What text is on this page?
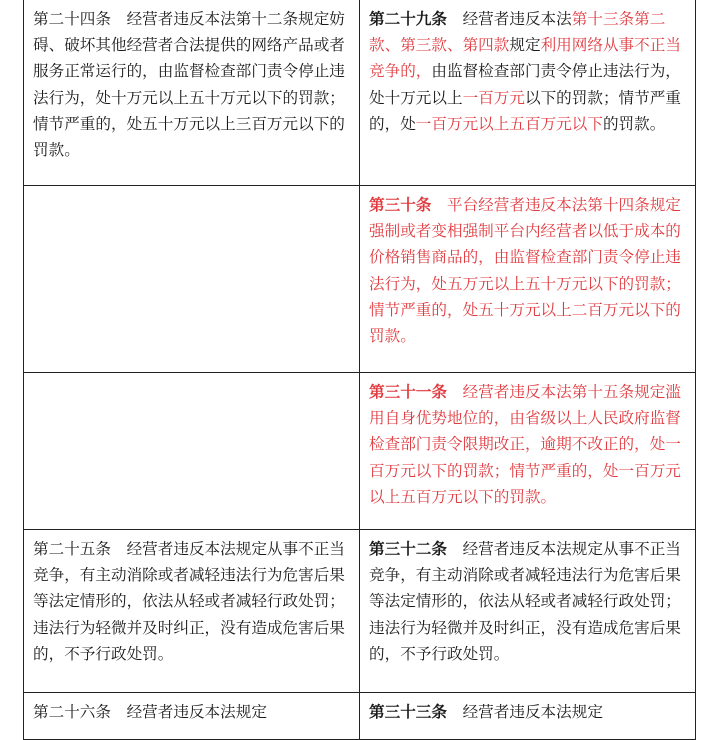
第二十四条 经营者违反本法第十二条规定妨碍、破坏其他经营者合法提供的网络产品或者服务正常运行的，由监督检查部门责令停止违法行为，处十万元以上五十万元以下的罚款；情节严重的，处五十万元以上三百万元以下的罚款。	第二十九条 经营者违反本法第十三条第二款、第三款、第四款规定利用网络从事不正当竞争的，由监督检查部门责令停止违法行为，处十万元以上一百万元以下的罚款；情节严重的，处一百万元以上五百万元以下的罚款。
	第三十条 平台经营者违反本法第十四条规定强制或者变相强制平台内经营者以低于成本的价格销售商品的，由监督检查部门责令停止违法行为，处五万元以上五十万元以下的罚款；情节严重的，处五十万元以上二百万元以下的罚款。
	第三十一条 经营者违反本法第十五条规定滥用自身优势地位的，由省级以上人民政府监督检查部门责令限期改正，逾期不改正的，处一百万元以下的罚款；情节严重的，处一百万元以上五百万元以下的罚款。
第二十五条 经营者违反本法规定从事不正当竞争，有主动消除或者减轻违法行为危害后果等法定情形的，依法从轻或者减轻行政处罚；违法行为轻微并及时纠正，没有造成危害后果的，不予行政处罚。	第三十二条 经营者违反本法规定从事不正当竞争，有主动消除或者减轻违法行为危害后果等法定情形的，依法从轻或者减轻行政处罚；违法行为轻微并及时纠正，没有造成危害后果的，不予行政处罚。
第二十六条　经营者违反本法规定	第三十三条 经营者违反本法规定
